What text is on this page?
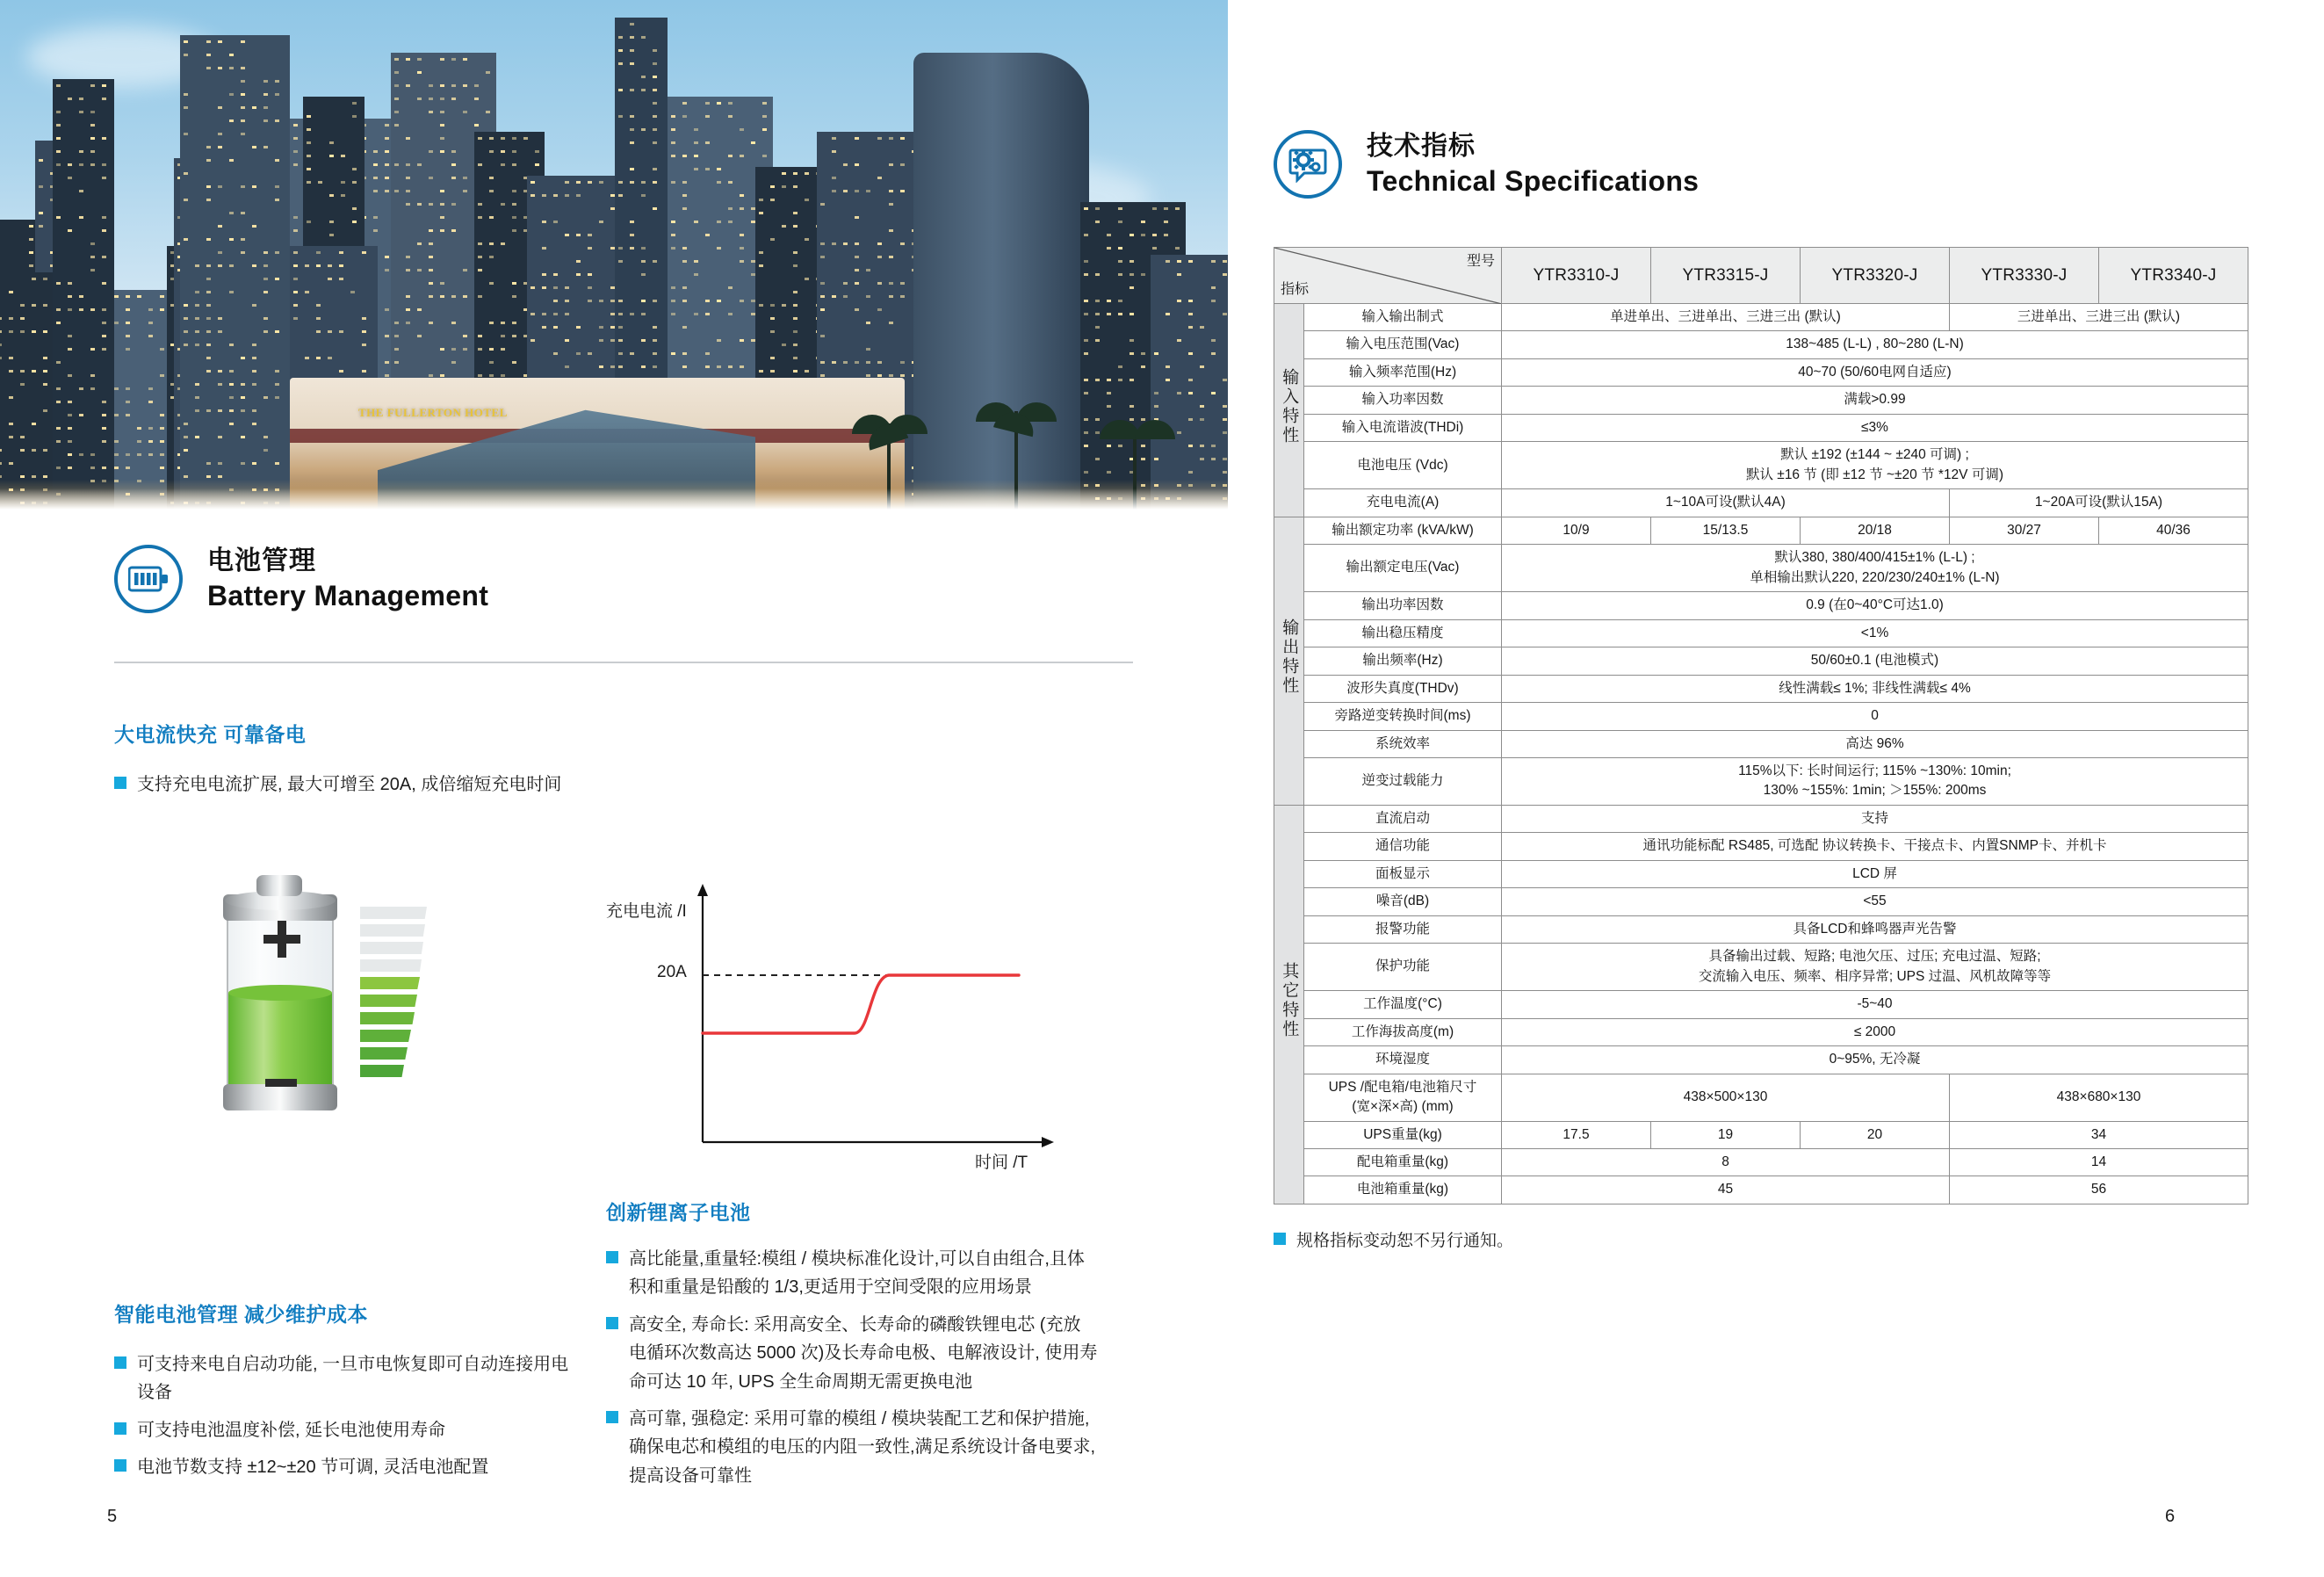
THE FULLERTON HOTEL
电池管理
Battery Management
大电流快充 可靠备电
支持充电电流扩展, 最大可增至 20A, 成倍缩短充电时间
充电电流 /I
20A
时间 /T
创新锂离子电池
高比能量,重量轻:模组 / 模块标准化设计,可以自由组合,且体积和重量是铅酸的 1/3,更适用于空间受限的应用场景
高安全, 寿命长: 采用高安全、长寿命的磷酸铁锂电芯 (充放电循环次数高达 5000 次)及长寿命电极、电解液设计, 使用寿命可达 10 年, UPS 全生命周期无需更换电池
高可靠, 强稳定: 采用可靠的模组 / 模块装配工艺和保护措施,确保电芯和模组的电压的内阻一致性,满足系统设计备电要求, 提高设备可靠性
智能电池管理 减少维护成本
可支持来电自启动功能, 一旦市电恢复即可自动连接用电设备
可支持电池温度补偿, 延长电池使用寿命
电池节数支持 ±12~±20 节可调, 灵活电池配置
5
技术指标
Technical Specifications
型号
指标		YTR3310-J	YTR3315-J	YTR3320-J	YTR3330-J	YTR3340-J
输入特性	输入输出制式	单进单出、三进单出、三进三出 (默认)			三进单出、三进三出 (默认)	
	输入电压范围(Vac)	138~485 (L-L) , 80~280 (L-N)				
	输入频率范围(Hz)	40~70 (50/60电网自适应)				
	输入功率因数	满载>0.99				
	输入电流谐波(THDi)	≤3%				
	电池电压 (Vdc)	默认 ±192 (±144 ~ ±240 可调) ;
默认 ±16 节 (即 ±12 节 ~±20 节 *12V 可调)				
	充电电流(A)	1~10A可设(默认4A)			1~20A可设(默认15A)	
输出特性	输出额定功率 (kVA/kW)	10/9	15/13.5	20/18	30/27	40/36
	输出额定电压(Vac)	默认380, 380/400/415±1% (L-L) ;
单相输出默认220, 220/230/240±1% (L-N)				
	输出功率因数	0.9 (在0~40°C可达1.0)				
	输出稳压精度	<1%				
	输出频率(Hz)	50/60±0.1 (电池模式)				
	波形失真度(THDv)	线性满载≤ 1%; 非线性满载≤ 4%				
	旁路逆变转换时间(ms)	0				
	系统效率	高达 96%				
	逆变过载能力	115%以下: 长时间运行; 115% ~130%: 10min;
130% ~155%: 1min; ＞155%: 200ms				
其它特性	直流启动	支持				
	通信功能	通讯功能标配 RS485, 可选配 协议转换卡、干接点卡、内置SNMP卡、并机卡				
	面板显示	LCD 屏				
	噪音(dB)	<55				
	报警功能	具备LCD和蜂鸣器声光告警				
	保护功能	具备输出过载、短路; 电池欠压、过压; 充电过温、短路;
交流输入电压、频率、相序异常; UPS 过温、风机故障等等				
	工作温度(°C)	-5~40				
	工作海拔高度(m)	≤ 2000				
	环境湿度	0~95%, 无冷凝				
	UPS /配电箱/电池箱尺寸
(宽×深×高) (mm)	438×500×130			438×680×130	
	UPS重量(kg)	17.5	19	20	34	
	配电箱重量(kg)	8			14	
	电池箱重量(kg)	45			56	
规格指标变动恕不另行通知。
6
